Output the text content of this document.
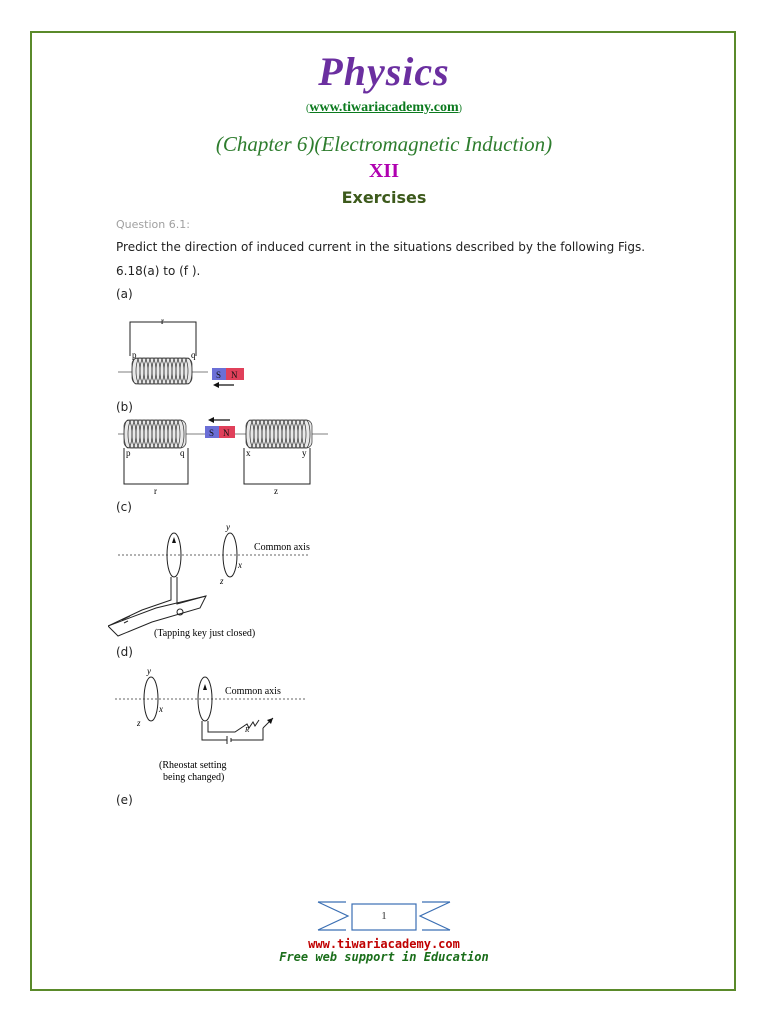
Physics
(www.tiwariacademy.com)
(Chapter 6)(Electromagnetic Induction)
XII
Exercises
Question 6.1:
Predict the direction of induced current in the situations described by the following Figs.
6.18(a) to (f ).
(a)
(b)
(c)
(d)
(e)
r
p	q
S N
p	q
r
S N
x	y
z
y
x
z
Common axis
(Tapping key just closed)
R
y
x
z
Common axis
(Rheostat setting
being changed)
1
www.tiwariacademy.com
Free web support in Education
